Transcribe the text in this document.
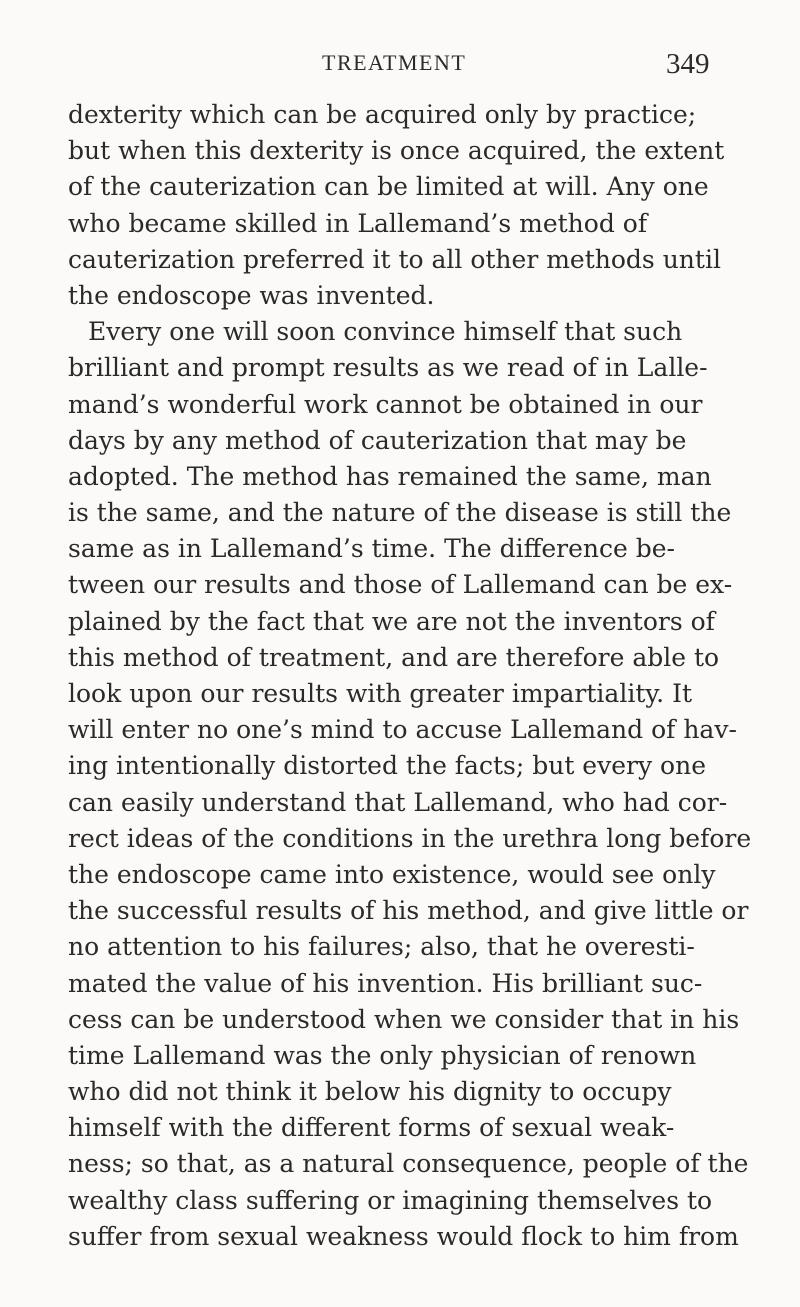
TREATMENT	349
dexterity which can be acquired only by practice;
but when this dexterity is once acquired, the extent
of the cauterization can be limited at will. Any one
who became skilled in Lallemand’s method of
cauterization preferred it to all other methods until
the endoscope was invented.
Every one will soon convince himself that such
brilliant and prompt results as we read of in Lalle-
mand’s wonderful work cannot be obtained in our
days by any method of cauterization that may be
adopted. The method has remained the same, man
is the same, and the nature of the disease is still the
same as in Lallemand’s time. The difference be-
tween our results and those of Lallemand can be ex-
plained by the fact that we are not the inventors of
this method of treatment, and are therefore able to
look upon our results with greater impartiality. It
will enter no one’s mind to accuse Lallemand of hav-
ing intentionally distorted the facts; but every one
can easily understand that Lallemand, who had cor-
rect ideas of the conditions in the urethra long before
the endoscope came into existence, would see only
the successful results of his method, and give little or
no attention to his failures; also, that he overesti-
mated the value of his invention. His brilliant suc-
cess can be understood when we consider that in his
time Lallemand was the only physician of renown
who did not think it below his dignity to occupy
himself with the different forms of sexual weak-
ness; so that, as a natural consequence, people of the
wealthy class suffering or imagining themselves to
suffer from sexual weakness would flock to him from
